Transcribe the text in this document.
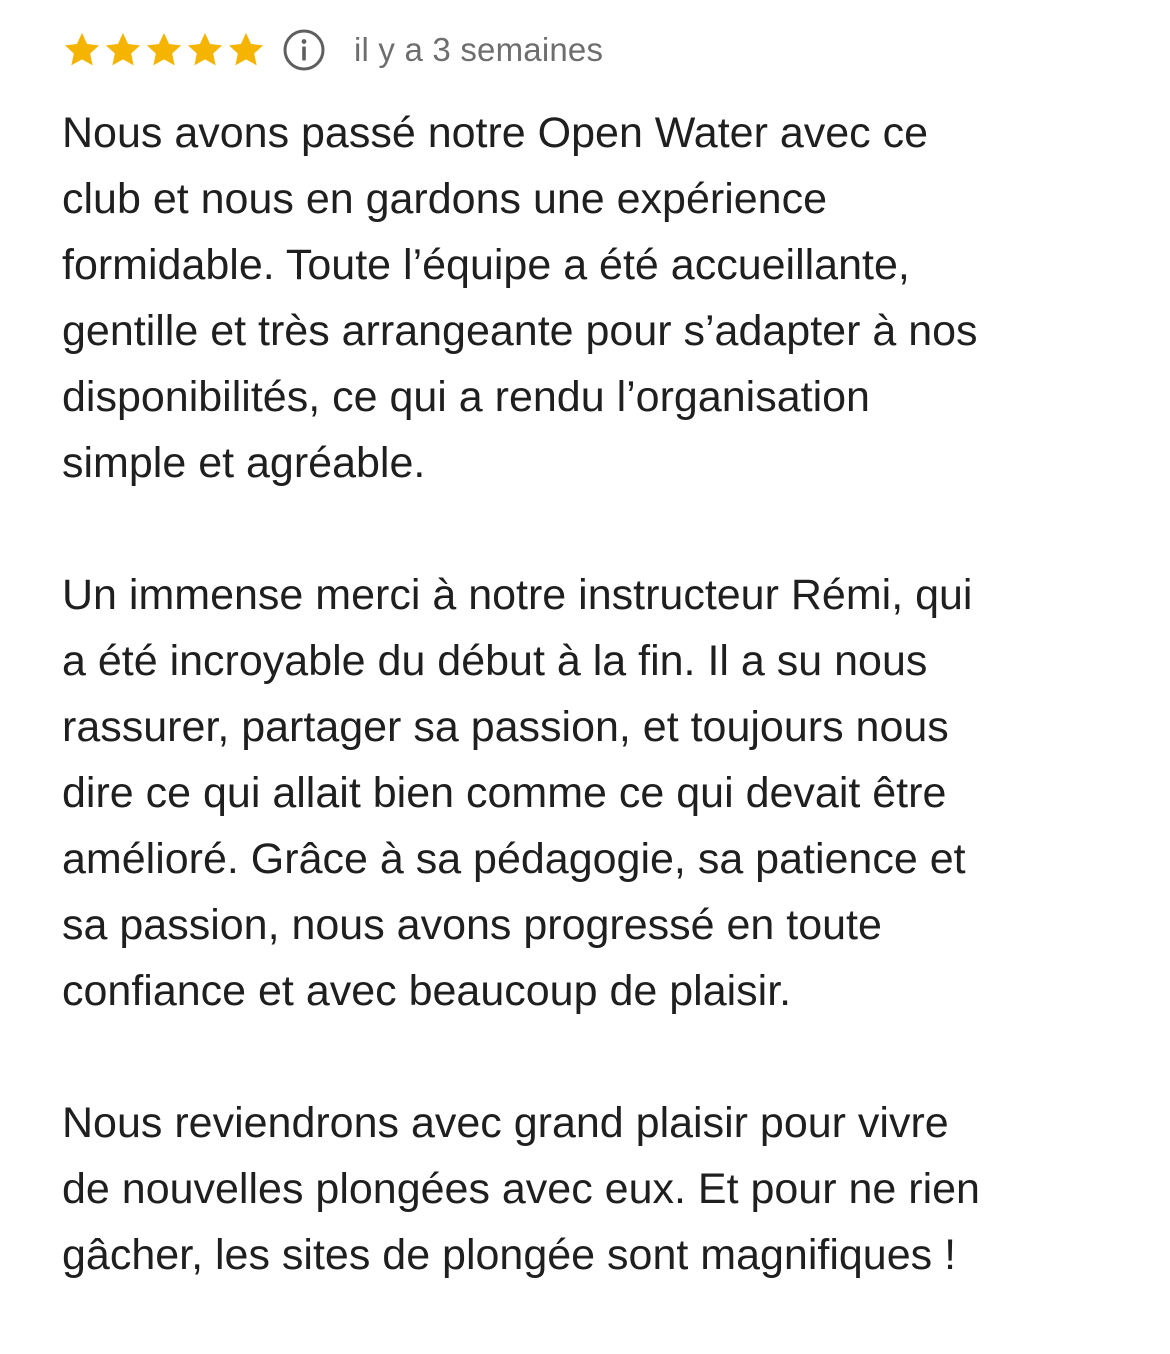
il y a 3 semaines

Nous avons passé notre Open Water avec ce
club et nous en gardons une expérience
formidable. Toute l’équipe a été accueillante,
gentille et très arrangeante pour s’adapter à nos
disponibilités, ce qui a rendu l’organisation
simple et agréable.

Un immense merci à notre instructeur Rémi, qui
a été incroyable du début à la fin. Il a su nous
rassurer, partager sa passion, et toujours nous
dire ce qui allait bien comme ce qui devait être
amélioré. Grâce à sa pédagogie, sa patience et
sa passion, nous avons progressé en toute
confiance et avec beaucoup de plaisir.

Nous reviendrons avec grand plaisir pour vivre
de nouvelles plongées avec eux. Et pour ne rien
gâcher, les sites de plongée sont magnifiques !
